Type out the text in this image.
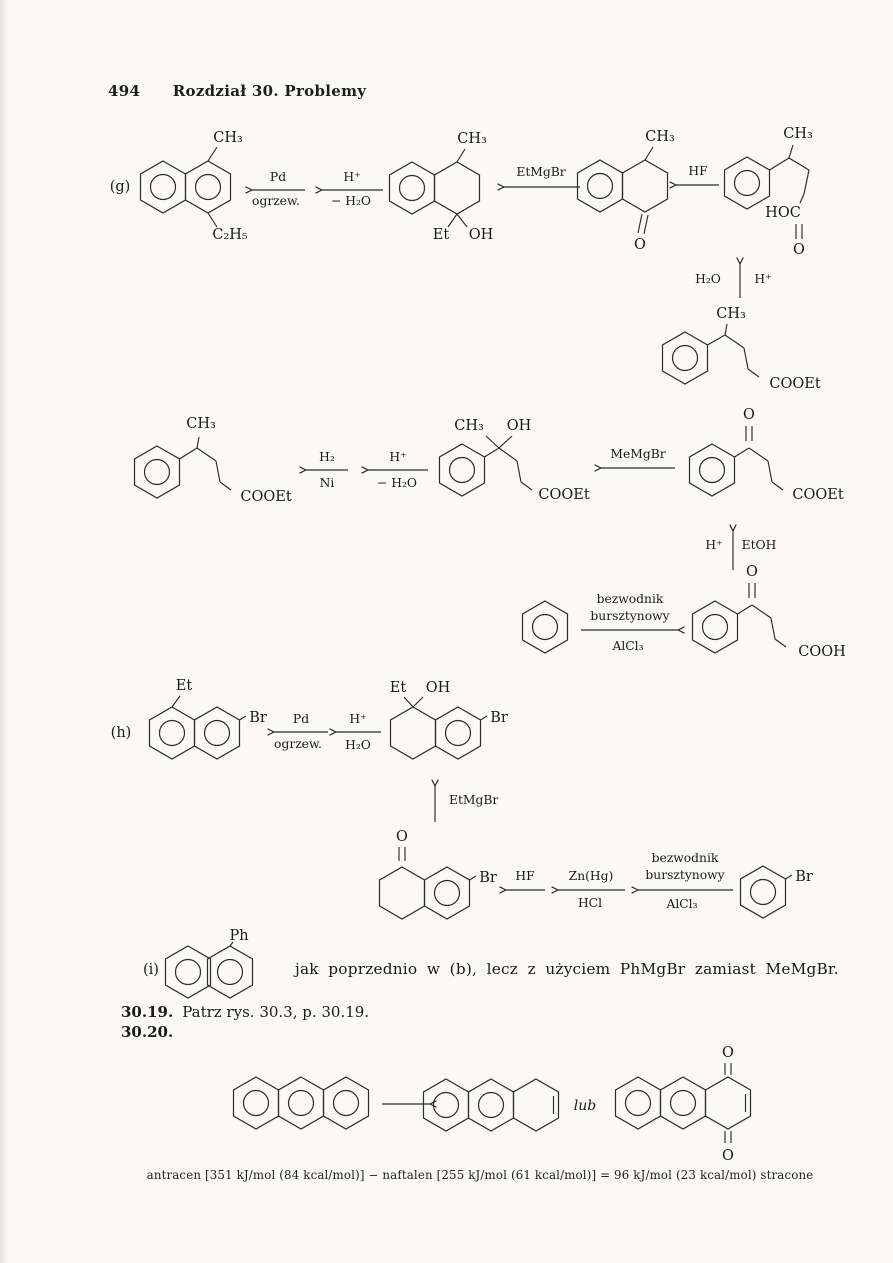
494 Rozdział 30. Problemy
(g)
CH₃
C₂H₅
Pd
ogrzew.
H⁺
− H₂O
CH₃
Et OH
EtMgBr
CH₃
O
HF
CH₃
HOC
O
H₂O	H⁺
CH₃
COOEt
CH₃
COOEt
H₂
Ni
H⁺
− H₂O
CH₃ OH
COOEt
MeMgBr
O
COOEt
H⁺ EtOH
bezwodnik
bursztynowy
AlCl₃
O
COOH
(h)
Et
Br Pd
ogrzew.
H⁺
H₂O
Et OH
Br
EtMgBr
O
Br HF	Zn(Hg)
HCl
bezwodnik
bursztynowy
AlCl₃
Br
(i)
Ph
jak poprzednio w (b), lecz z użyciem PhMgBr zamiast MeMgBr.
lub
O
O
30.19. Patrz rys. 30.3, p. 30.19.
30.20.
antracen [351 kJ/mol (84 kcal/mol)] − naftalen [255 kJ/mol (61 kcal/mol)] = 96 kJ/mol (23 kcal/mol) stracone
